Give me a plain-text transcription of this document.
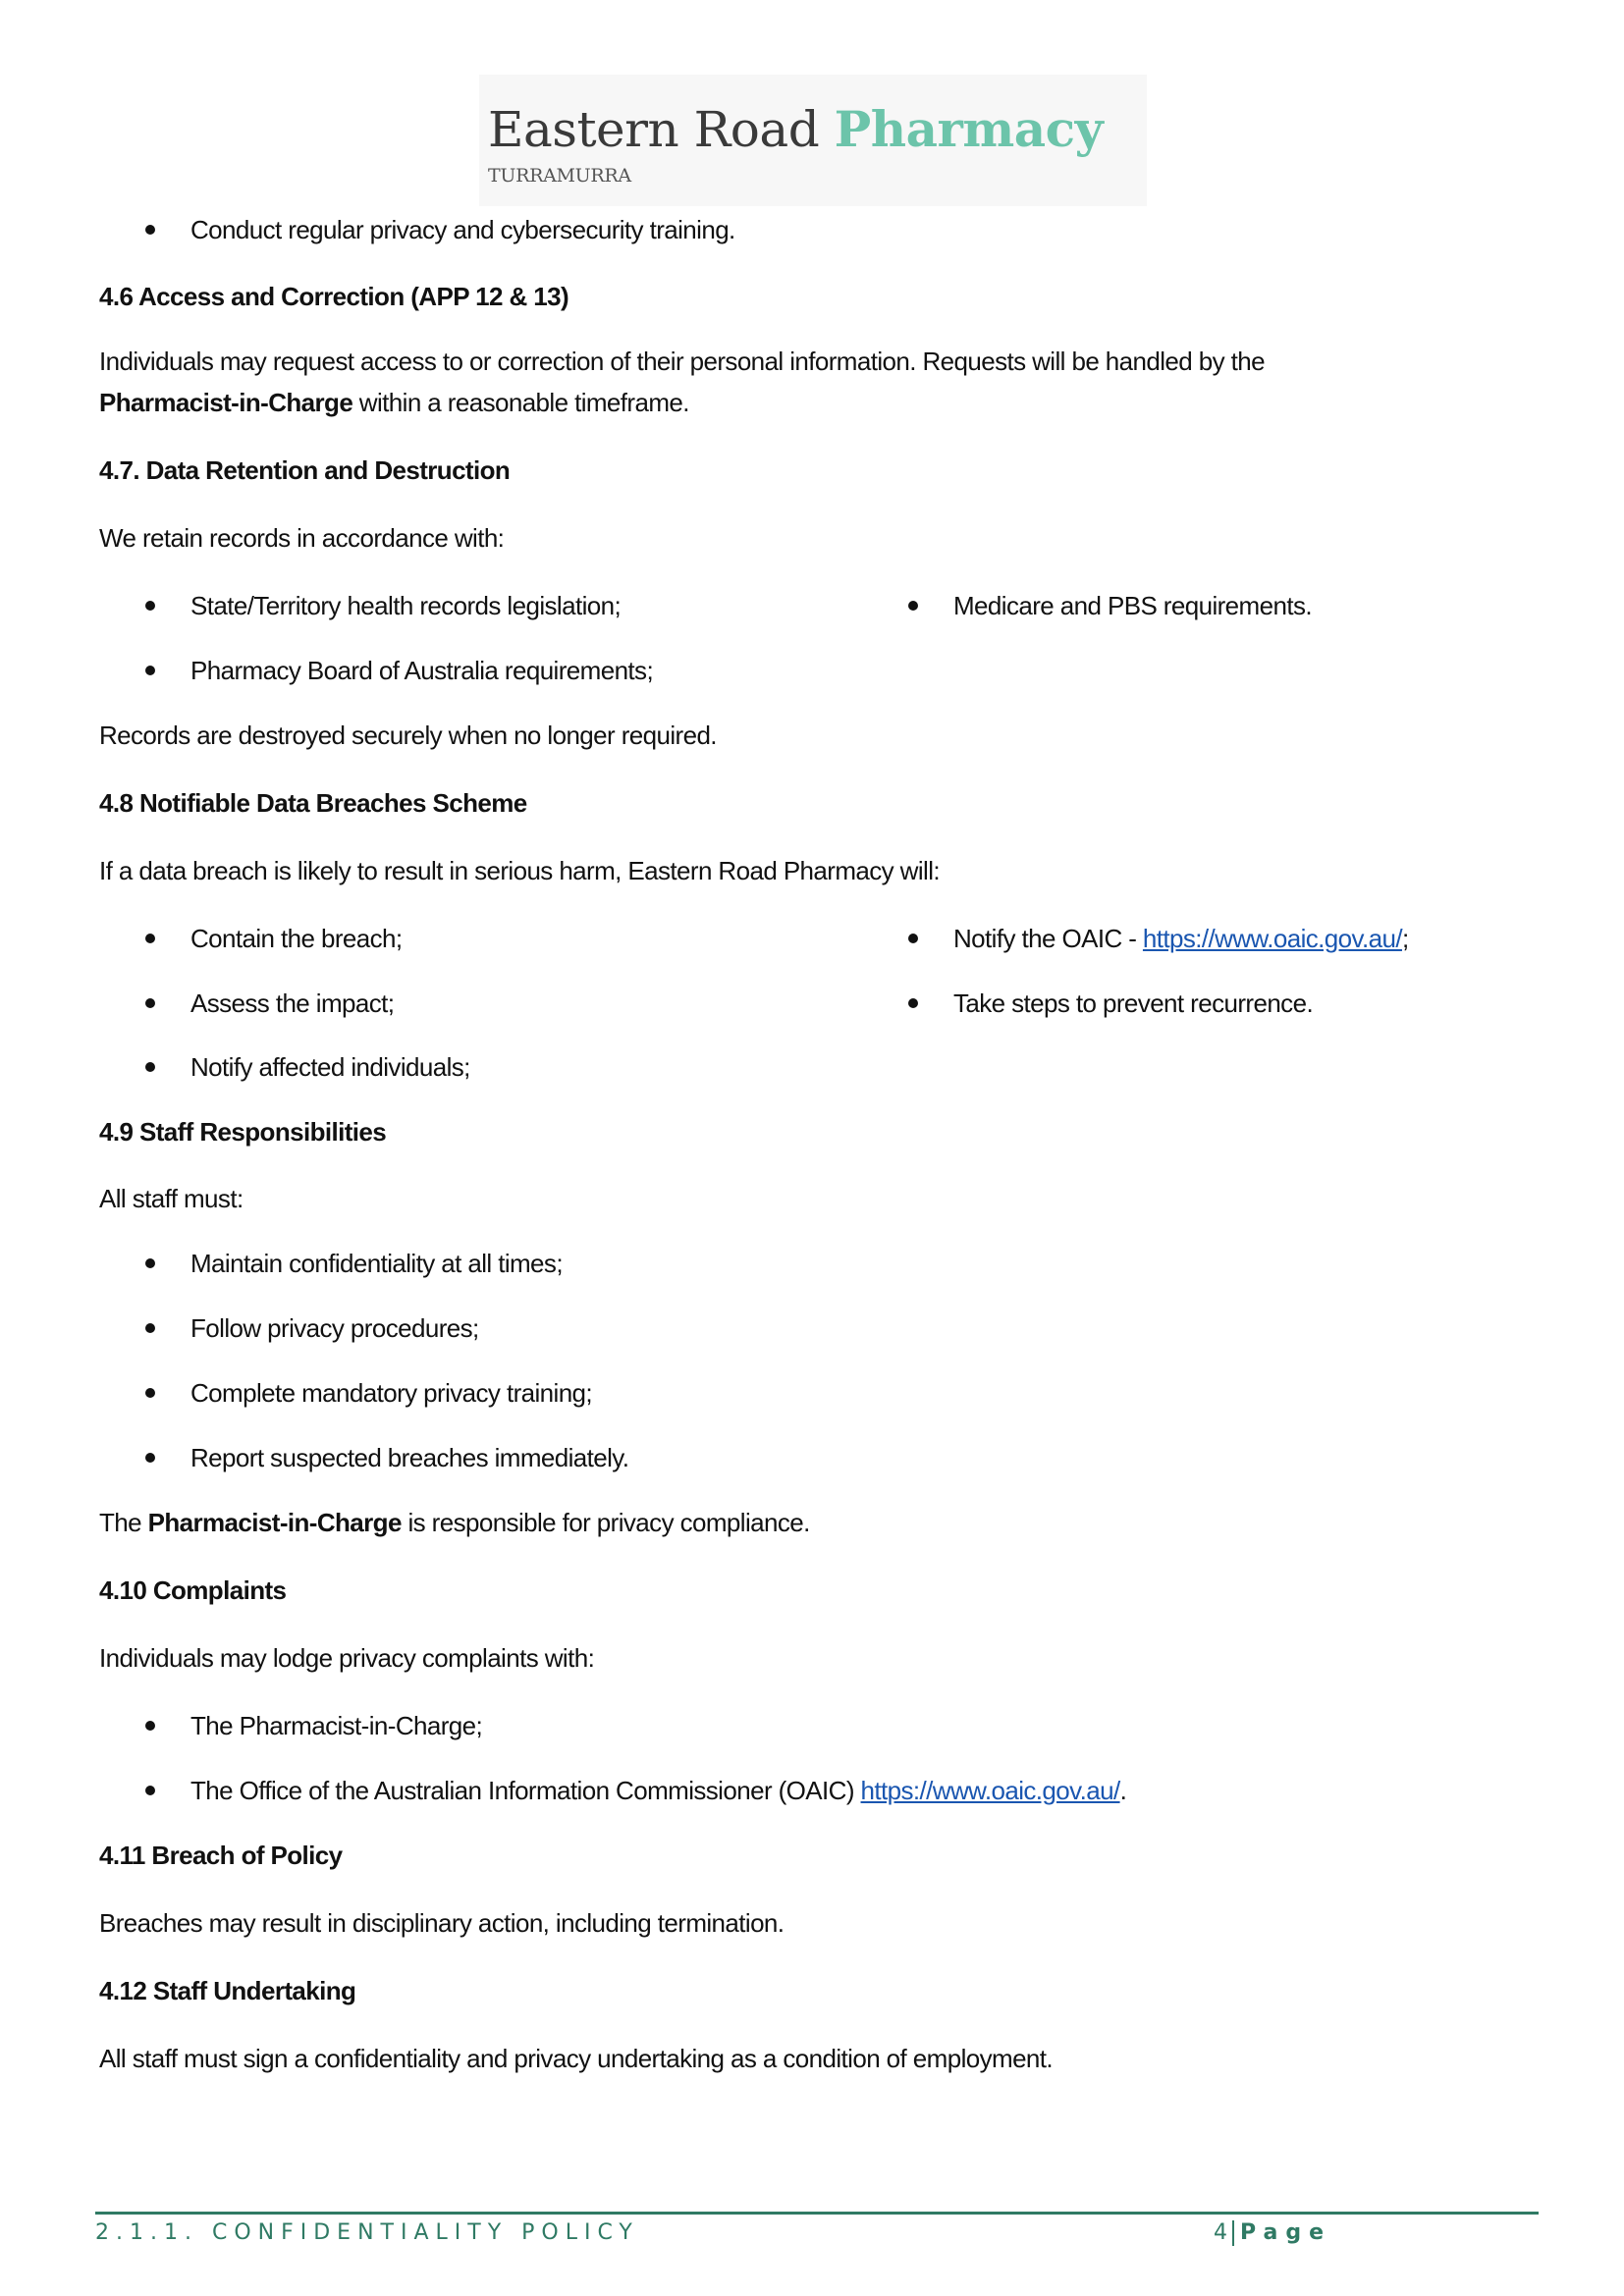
Eastern Road Pharmacy
TURRAMURRA
Conduct regular privacy and cybersecurity training.
4.6 Access and Correction (APP 12 & 13)
Individuals may request access to or correction of their personal information. Requests will be handled by the
Pharmacist-in-Charge within a reasonable timeframe.
4.7. Data Retention and Destruction
We retain records in accordance with:
State/Territory health records legislation;	Medicare and PBS requirements.
Pharmacy Board of Australia requirements;
Records are destroyed securely when no longer required.
4.8 Notifiable Data Breaches Scheme
If a data breach is likely to result in serious harm, Eastern Road Pharmacy will:
Contain the breach;	Notify the OAIC - https://www.oaic.gov.au/;
Assess the impact;	Take steps to prevent recurrence.
Notify affected individuals;
4.9 Staff Responsibilities
All staff must:
Maintain confidentiality at all times;
Follow privacy procedures;
Complete mandatory privacy training;
Report suspected breaches immediately.
The Pharmacist-in-Charge is responsible for privacy compliance.
4.10 Complaints
Individuals may lodge privacy complaints with:
The Pharmacist-in-Charge;
The Office of the Australian Information Commissioner (OAIC) https://www.oaic.gov.au/.
4.11 Breach of Policy
Breaches may result in disciplinary action, including termination.
4.12 Staff Undertaking
All staff must sign a confidentiality and privacy undertaking as a condition of employment.
2.1.1. CONFIDENTIALITY POLICY	4 Page
